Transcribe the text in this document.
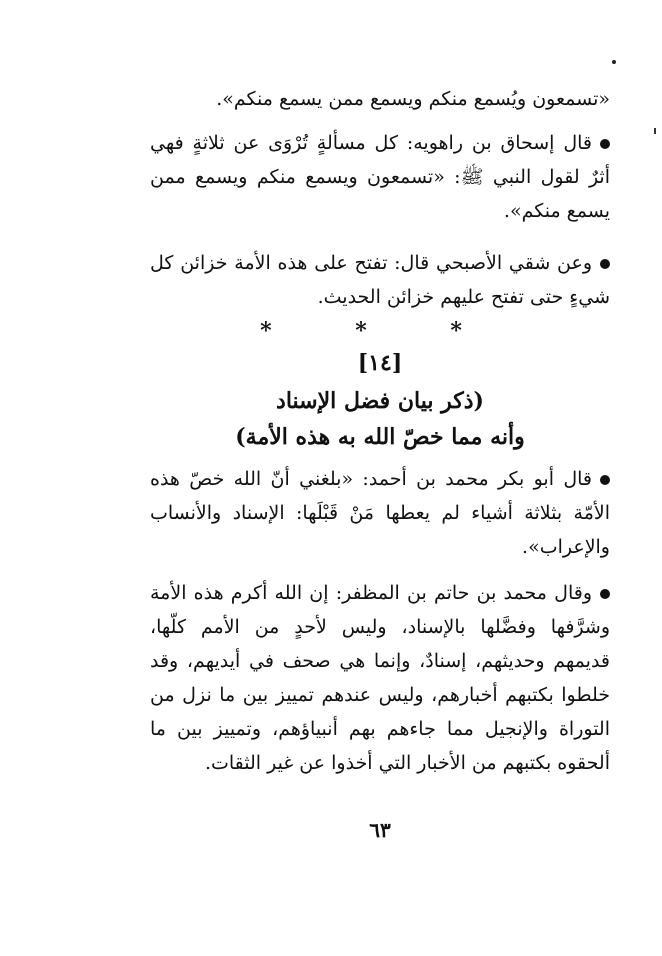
«تسمعون ويُسمع منكم ويسمع ممن يسمع منكم».
قال إسحاق بن راهويه: كل مسألةٍ تُرْوَى عن ثلاثةٍ فهي أثرٌ لقول النبي ﷺ: «تسمعون ويسمع منكم ويسمع ممن يسمع منكم».
وعن شقي الأصبحي قال: تفتح على هذه الأمة خزائن كل شيءٍ حتى تفتح عليهم خزائن الحديث.
* * *
[١٤]
(ذكر بيان فضل الإسناد
وأنه مما خصّ الله به هذه الأمة)
قال أبو بكر محمد بن أحمد: «بلغني أنّ الله خصّ هذه الأمّة بثلاثة أشياء لم يعطها مَنْ قَبْلَها: الإسناد والأنساب والإعراب».
وقال محمد بن حاتم بن المظفر: إن الله أكرم هذه الأمة وشرَّفها وفضَّلها بالإسناد، وليس لأحدٍ من الأمم كلّها، قديمهم وحديثهم، إسنادٌ، وإنما هي صحف في أيديهم، وقد خلطوا بكتبهم أخبارهم، وليس عندهم تمييز بين ما نزل من التوراة والإنجيل مما جاءهم بهم أنبياؤهم، وتمييز بين ما ألحقوه بكتبهم من الأخبار التي أخذوا عن غير الثقات.
٦٣
